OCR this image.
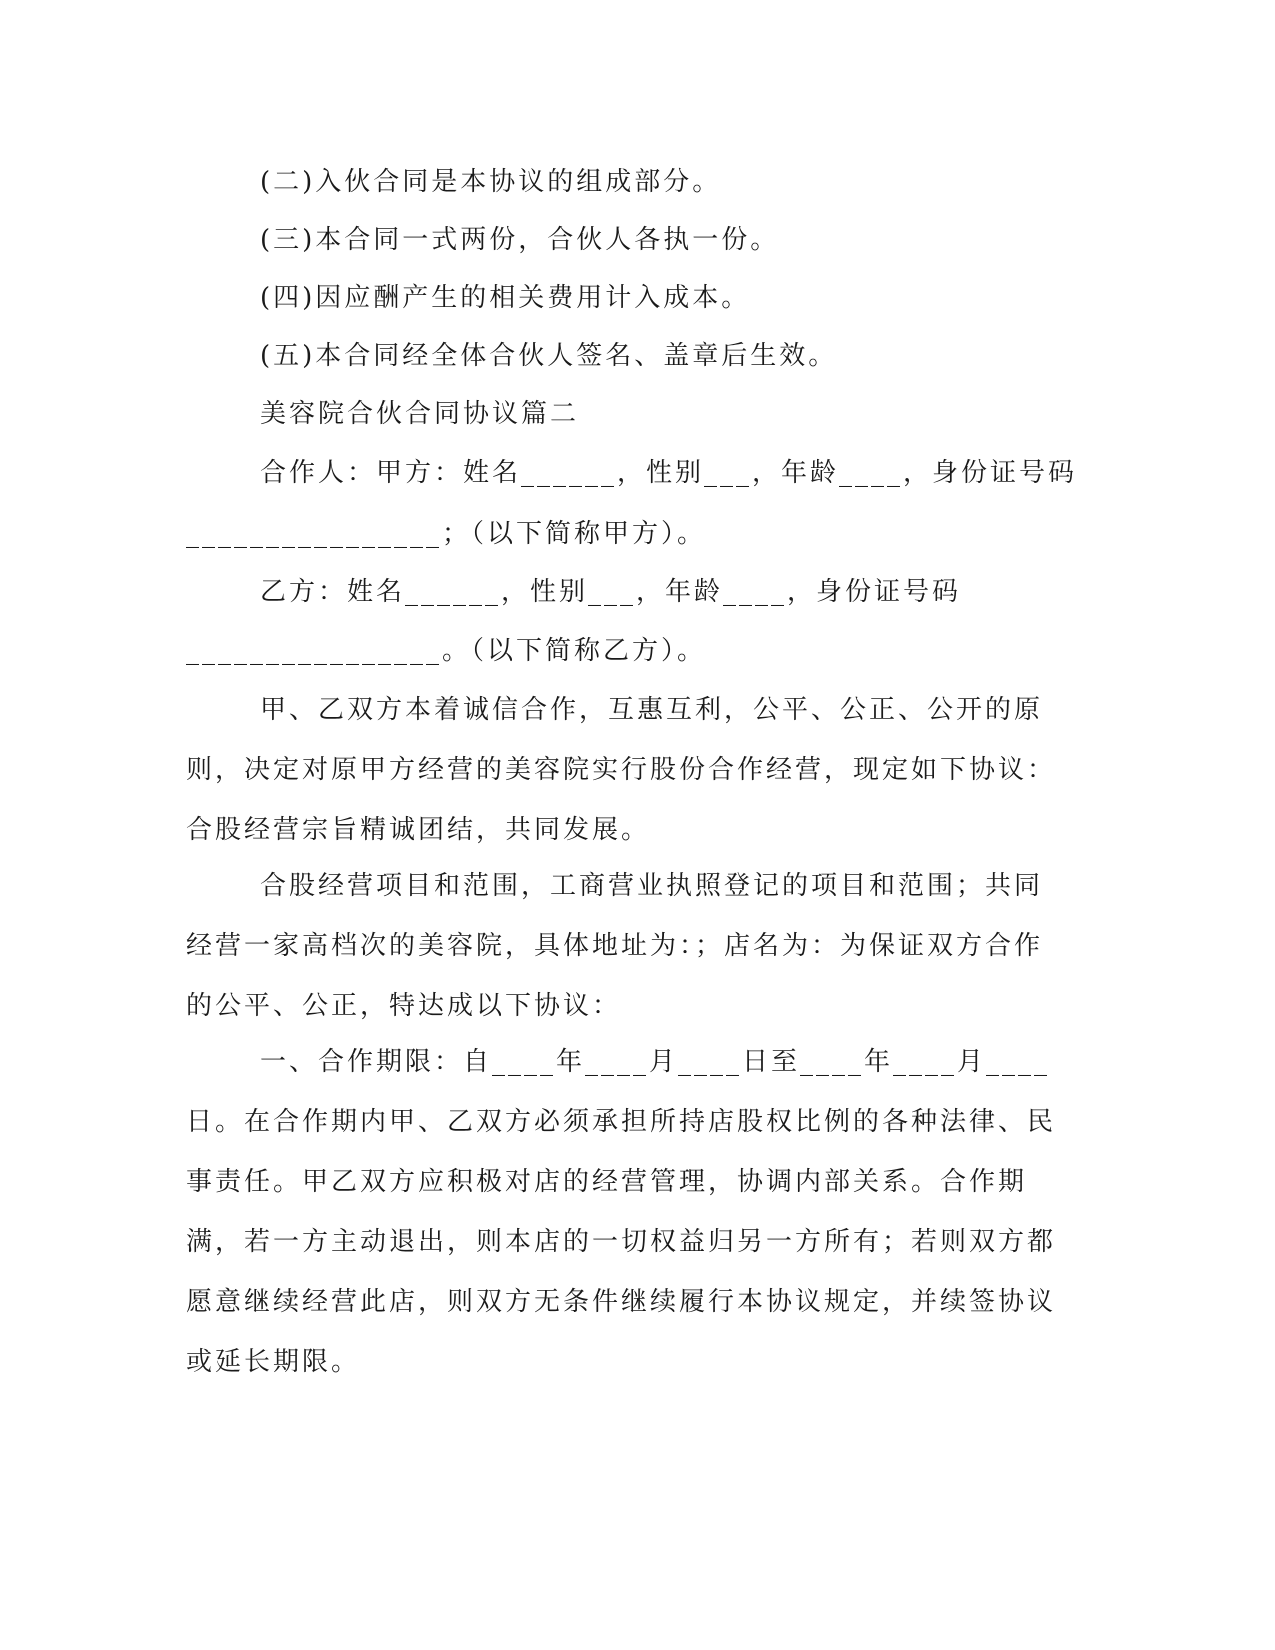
(二)入伙合同是本协议的组成部分。

(三)本合同一式两份，合伙人各执一份。

(四)因应酬产生的相关费用计入成本。

(五)本合同经全体合伙人签名、盖章后生效。

美容院合伙合同协议篇二

合作人：甲方：姓名______，性别___，年龄____，身份证号码

________________；（以下简称甲方）。

乙方：姓名______，性别___，年龄____，身份证号码

________________。（以下简称乙方）。

甲、乙双方本着诚信合作，互惠互利，公平、公正、公开的原则，决定对原甲方经营的美容院实行股份合作经营，现定如下协议：合股经营宗旨精诚团结，共同发展。

合股经营项目和范围，工商营业执照登记的项目和范围；共同经营一家高档次的美容院，具体地址为：；店名为：为保证双方合作的公平、公正，特达成以下协议：

一、合作期限：自____年____月____日至____年____月____日。在合作期内甲、乙双方必须承担所持店股权比例的各种法律、民事责任。甲乙双方应积极对店的经营管理，协调内部关系。合作期满，若一方主动退出，则本店的一切权益归另一方所有；若则双方都愿意继续经营此店，则双方无条件继续履行本协议规定，并续签协议或延长期限。
